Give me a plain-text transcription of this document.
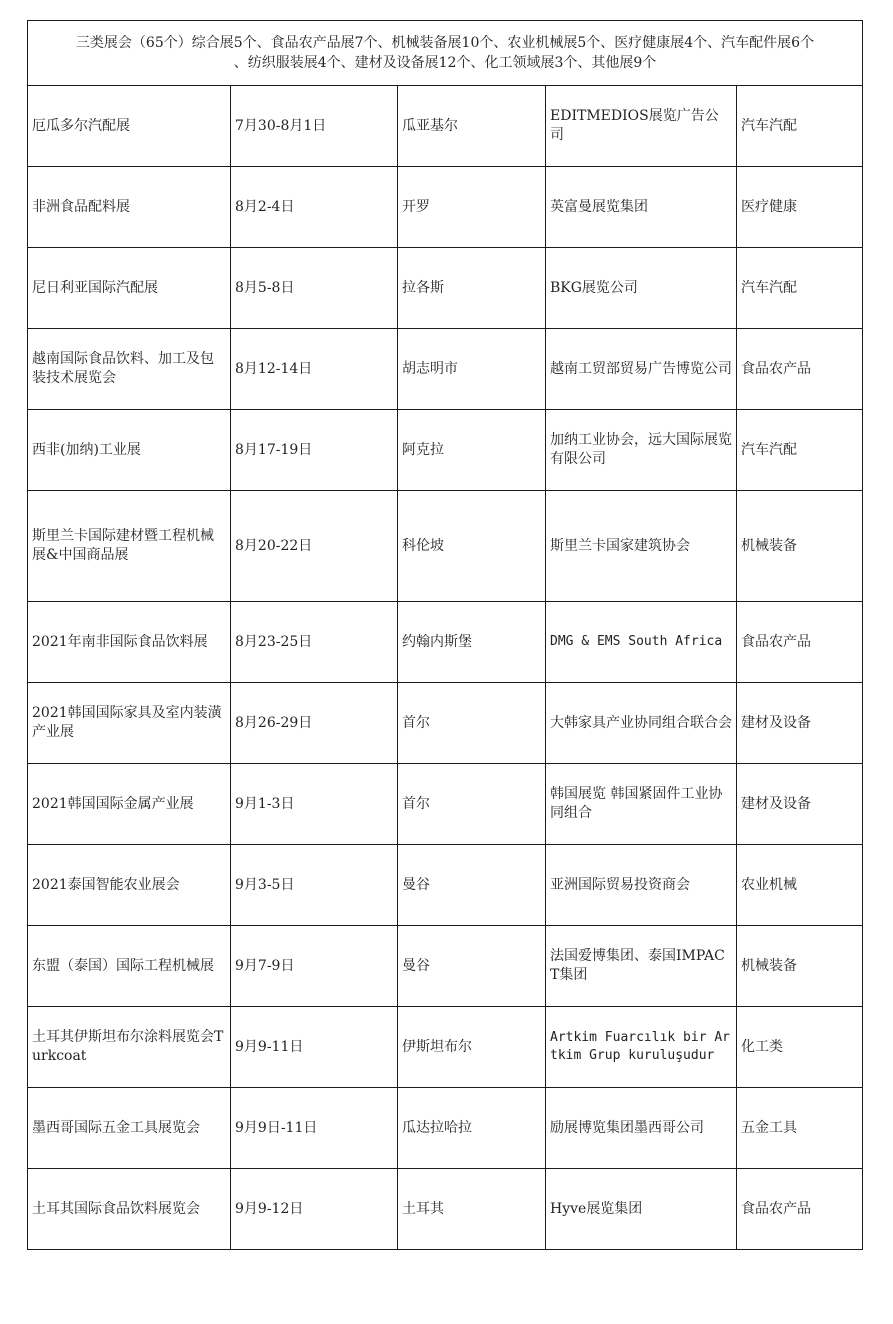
三类展会（65个）综合展5个、食品农产品展7个、机械装备展10个、农业机械展5个、医疗健康展4个、汽车配件展6个
、纺织服装展4个、建材及设备展12个、化工领域展3个、其他展9个				

厄瓜多尔汽配展	7月30-8月1日	瓜亚基尔	EDITMEDIOS展览广告公司	汽车汽配
非洲食品配料展	8月2-4日	开罗	英富曼展览集团	医疗健康
尼日利亚国际汽配展	8月5-8日	拉各斯	BKG展览公司	汽车汽配
越南国际食品饮料、加工及包装技术展览会	8月12-14日	胡志明市	越南工贸部贸易广告博览公司	食品农产品
西非(加纳)工业展	8月17-19日	阿克拉	加纳工业协会，远大国际展览有限公司	汽车汽配
斯里兰卡国际建材暨工程机械展&中国商品展	8月20-22日	科伦坡	斯里兰卡国家建筑协会	机械装备
2021年南非国际食品饮料展	8月23-25日	约翰内斯堡	DMG & EMS South Africa	食品农产品
2021韩国国际家具及室内装潢产业展	8月26-29日	首尔	大韩家具产业协同组合联合会	建材及设备
2021韩国国际金属产业展	9月1-3日	首尔	韩国展览 韩国紧固件工业协同组合	建材及设备
2021泰国智能农业展会	9月3-5日	曼谷	亚洲国际贸易投资商会	农业机械
东盟（泰国）国际工程机械展	9月7-9日	曼谷	法国爱博集团、泰国IMPACT集团	机械装备
土耳其伊斯坦布尔涂料展览会Turkcoat	9月9-11日	伊斯坦布尔	Artkim Fuarcılık bir Artkim Grup kuruluşudur	化工类
墨西哥国际五金工具展览会	9月9日-11日	瓜达拉哈拉	励展博览集团墨西哥公司	五金工具
土耳其国际食品饮料展览会	9月9-12日	土耳其	Hyve展览集团	食品农产品
